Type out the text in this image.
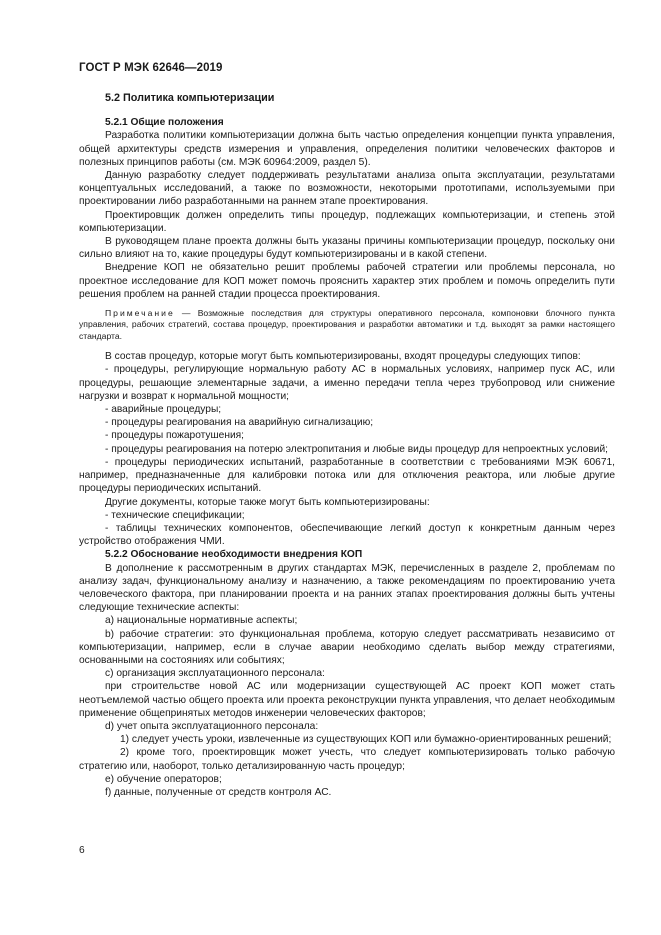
ГОСТ Р МЭК 62646—2019

5.2 Политика компьютеризации

5.2.1 Общие положения

Разработка политики компьютеризации должна быть частью определения концепции пункта управления, общей архитектуры средств измерения и управления, определения политики человеческих факторов и полезных принципов работы (см. МЭК 60964:2009, раздел 5).

Данную разработку следует поддерживать результатами анализа опыта эксплуатации, результатами концептуальных исследований, а также по возможности, некоторыми прототипами, используемыми при проектировании либо разработанными на раннем этапе проектирования.

Проектировщик должен определить типы процедур, подлежащих компьютеризации, и степень этой компьютеризации.

В руководящем плане проекта должны быть указаны причины компьютеризации процедур, поскольку они сильно влияют на то, какие процедуры будут компьютеризированы и в какой степени.

Внедрение КОП не обязательно решит проблемы рабочей стратегии или проблемы персонала, но проектное исследование для КОП может помочь прояснить характер этих проблем и помочь определить пути решения проблем на ранней стадии процесса проектирования.

Примечание — Возможные последствия для структуры оперативного персонала, компоновки блочного пункта управления, рабочих стратегий, состава процедур, проектирования и разработки автоматики и т.д. выходят за рамки настоящего стандарта.

В состав процедур, которые могут быть компьютеризированы, входят процедуры следующих типов:

- процедуры, регулирующие нормальную работу АС в нормальных условиях, например пуск АС, или процедуры, решающие элементарные задачи, а именно передачи тепла через трубопровод или снижение нагрузки и возврат к нормальной мощности;

- аварийные процедуры;

- процедуры реагирования на аварийную сигнализацию;

- процедуры пожаротушения;

- процедуры реагирования на потерю электропитания и любые виды процедур для непроектных условий;

- процедуры периодических испытаний, разработанные в соответствии с требованиями МЭК 60671, например, предназначенные для калибровки потока или для отключения реактора, или любые другие процедуры периодических испытаний.

Другие документы, которые также могут быть компьютеризированы:

- технические спецификации;

- таблицы технических компонентов, обеспечивающие легкий доступ к конкретным данным через устройство отображения ЧМИ.

5.2.2 Обоснование необходимости внедрения КОП

В дополнение к рассмотренным в других стандартах МЭК, перечисленных в разделе 2, проблемам по анализу задач, функциональному анализу и назначению, а также рекомендациям по проектированию учета человеческого фактора, при планировании проекта и на ранних этапах проектирования должны быть учтены следующие технические аспекты:

a) национальные нормативные аспекты;

b) рабочие стратегии: это функциональная проблема, которую следует рассматривать независимо от компьютеризации, например, если в случае аварии необходимо сделать выбор между стратегиями, основанными на состояниях или событиях;

c) организация эксплуатационного персонала:

при строительстве новой АС или модернизации существующей АС проект КОП может стать неотъемлемой частью общего проекта или проекта реконструкции пункта управления, что делает необходимым применение общепринятых методов инженерии человеческих факторов;

d) учет опыта эксплуатационного персонала:

1) следует учесть уроки, извлеченные из существующих КОП или бумажно-ориентированных решений;

2) кроме того, проектировщик может учесть, что следует компьютеризировать только рабочую стратегию или, наоборот, только детализированную часть процедур;

e) обучение операторов;

f) данные, полученные от средств контроля АС.

6
